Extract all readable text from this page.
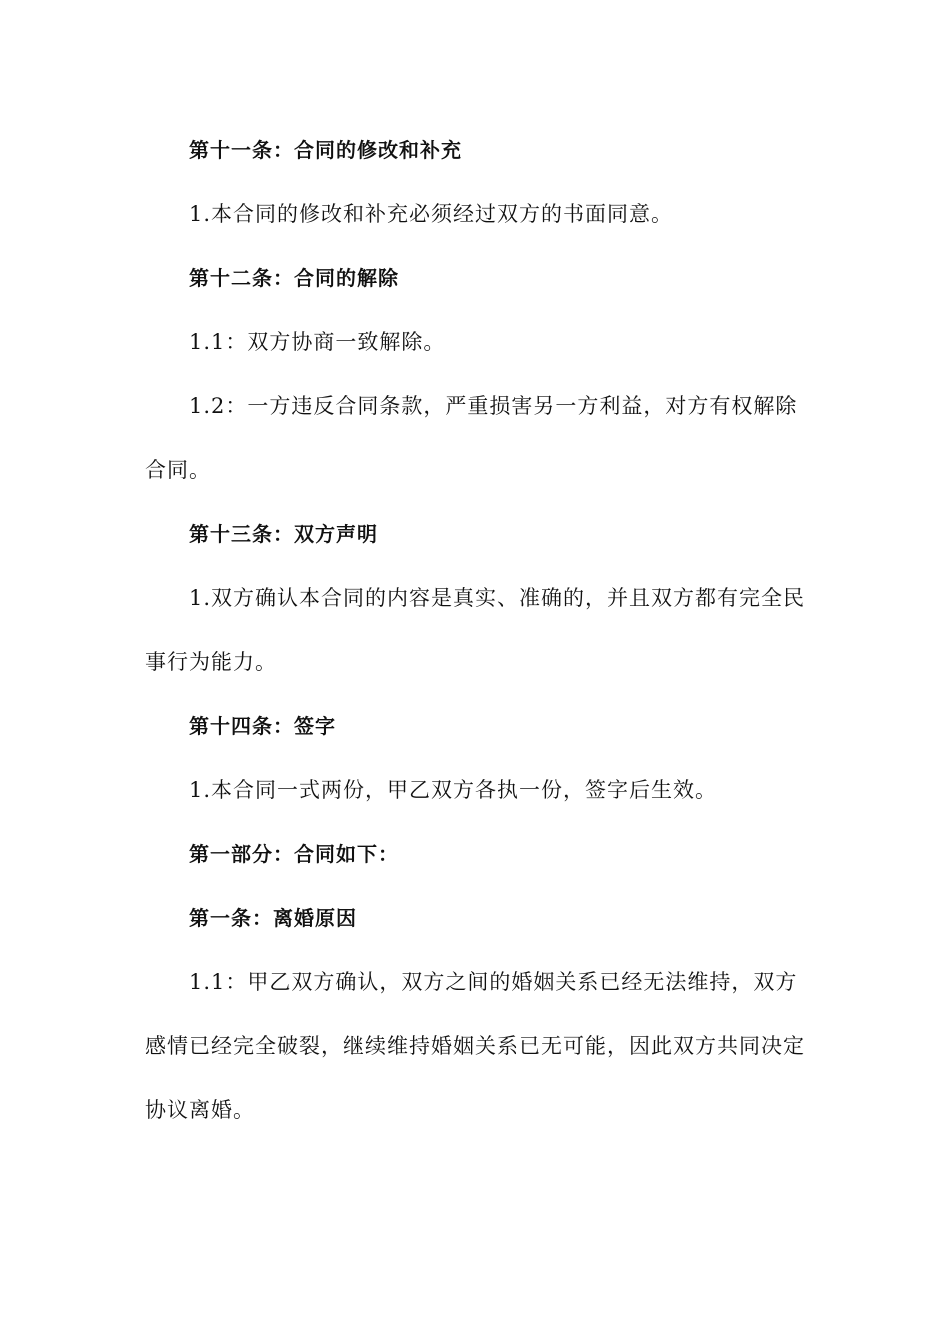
第十一条：合同的修改和补充

1.本合同的修改和补充必须经过双方的书面同意。

第十二条：合同的解除

1.1：双方协商一致解除。

1.2：一方违反合同条款，严重损害另一方利益，对方有权解除合同。

第十三条：双方声明

1.双方确认本合同的内容是真实、准确的，并且双方都有完全民事行为能力。

第十四条：签字

1.本合同一式两份，甲乙双方各执一份，签字后生效。

第一部分：合同如下：

第一条：离婚原因

1.1：甲乙双方确认，双方之间的婚姻关系已经无法维持，双方感情已经完全破裂，继续维持婚姻关系已无可能，因此双方共同决定协议离婚。
